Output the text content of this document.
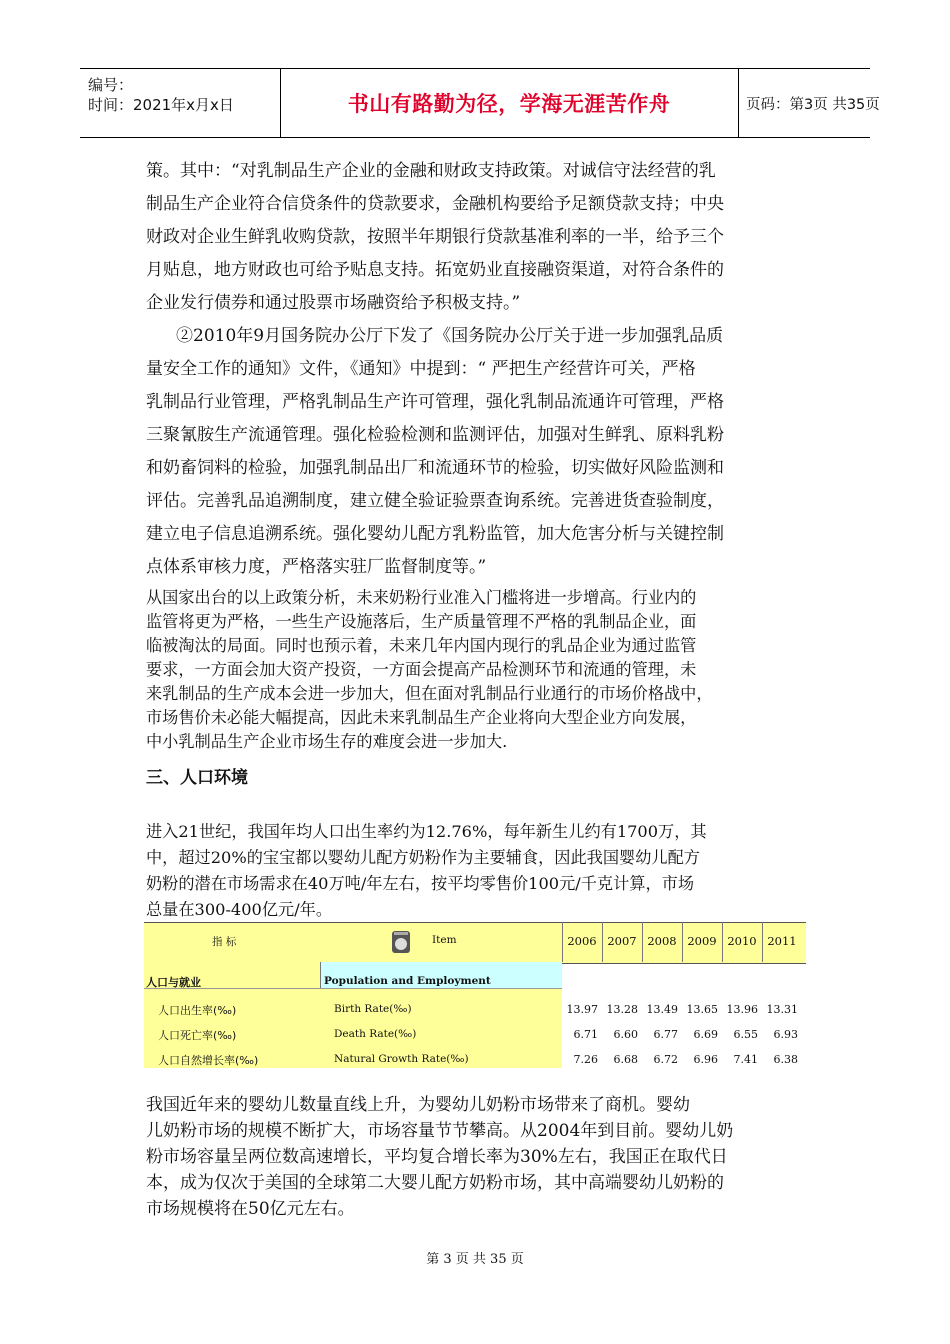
编号：
时间：2021年x月x日	书山有路勤为径，学海无涯苦作舟	页码：第3页 共35页
策。其中：“对乳制品生产企业的金融和财政支持政策。对诚信守法经营的乳
制品生产企业符合信贷条件的贷款要求，金融机构要给予足额贷款支持；中央
财政对企业生鲜乳收购贷款，按照半年期银行贷款基准利率的一半，给予三个
月贴息，地方财政也可给予贴息支持。拓宽奶业直接融资渠道，对符合条件的
企业发行债券和通过股票市场融资给予积极支持。”
②2010年9月国务院办公厅下发了《国务院办公厅关于进一步加强乳品质
量安全工作的通知》文件，《通知》中提到：“ 严把生产经营许可关，严格
乳制品行业管理，严格乳制品生产许可管理，强化乳制品流通许可管理，严格
三聚氰胺生产流通管理。强化检验检测和监测评估，加强对生鲜乳、原料乳粉
和奶畜饲料的检验，加强乳制品出厂和流通环节的检验，切实做好风险监测和
评估。完善乳品追溯制度，建立健全验证验票查询系统。完善进货查验制度，
建立电子信息追溯系统。强化婴幼儿配方乳粉监管，加大危害分析与关键控制
点体系审核力度，严格落实驻厂监督制度等。”
从国家出台的以上政策分析，未来奶粉行业准入门槛将进一步增高。行业内的
监管将更为严格，一些生产设施落后，生产质量管理不严格的乳制品企业，面
临被淘汰的局面。同时也预示着，未来几年内国内现行的乳品企业为通过监管
要求，一方面会加大资产投资，一方面会提高产品检测环节和流通的管理，未
来乳制品的生产成本会进一步加大，但在面对乳制品行业通行的市场价格战中，
市场售价未必能大幅提高，因此未来乳制品生产企业将向大型企业方向发展，
中小乳制品生产企业市场生存的难度会进一步加大.
三、人口环境
进入21世纪，我国年均人口出生率约为12.76%，每年新生儿约有1700万，其
中，超过20%的宝宝都以婴幼儿配方奶粉作为主要辅食，因此我国婴幼儿配方
奶粉的潜在市场需求在40万吨/年左右，按平均零售价100元/千克计算，市场
总量在300-400亿元/年。
指 标	Item	2006 2007 2008 2009 2010 2011
人口与就业	Population and Employment
人口出生率(‰)	Birth Rate(‰)	13.97 13.28 13.49 13.65 13.96 13.31
人口死亡率(‰)	Death Rate(‰)	6.71	6.60	6.77	6.69	6.55	6.93
人口自然增长率(‰)	Natural Growth Rate(‰)	7.26	6.68	6.72	6.96	7.41	6.38
我国近年来的婴幼儿数量直线上升，为婴幼儿奶粉市场带来了商机。婴幼
儿奶粉市场的规模不断扩大，市场容量节节攀高。从2004年到目前。婴幼儿奶
粉市场容量呈两位数高速增长，平均复合增长率为30%左右，我国正在取代日
本，成为仅次于美国的全球第二大婴儿配方奶粉市场，其中高端婴幼儿奶粉的
市场规模将在50亿元左右。
第 3 页 共 35 页
